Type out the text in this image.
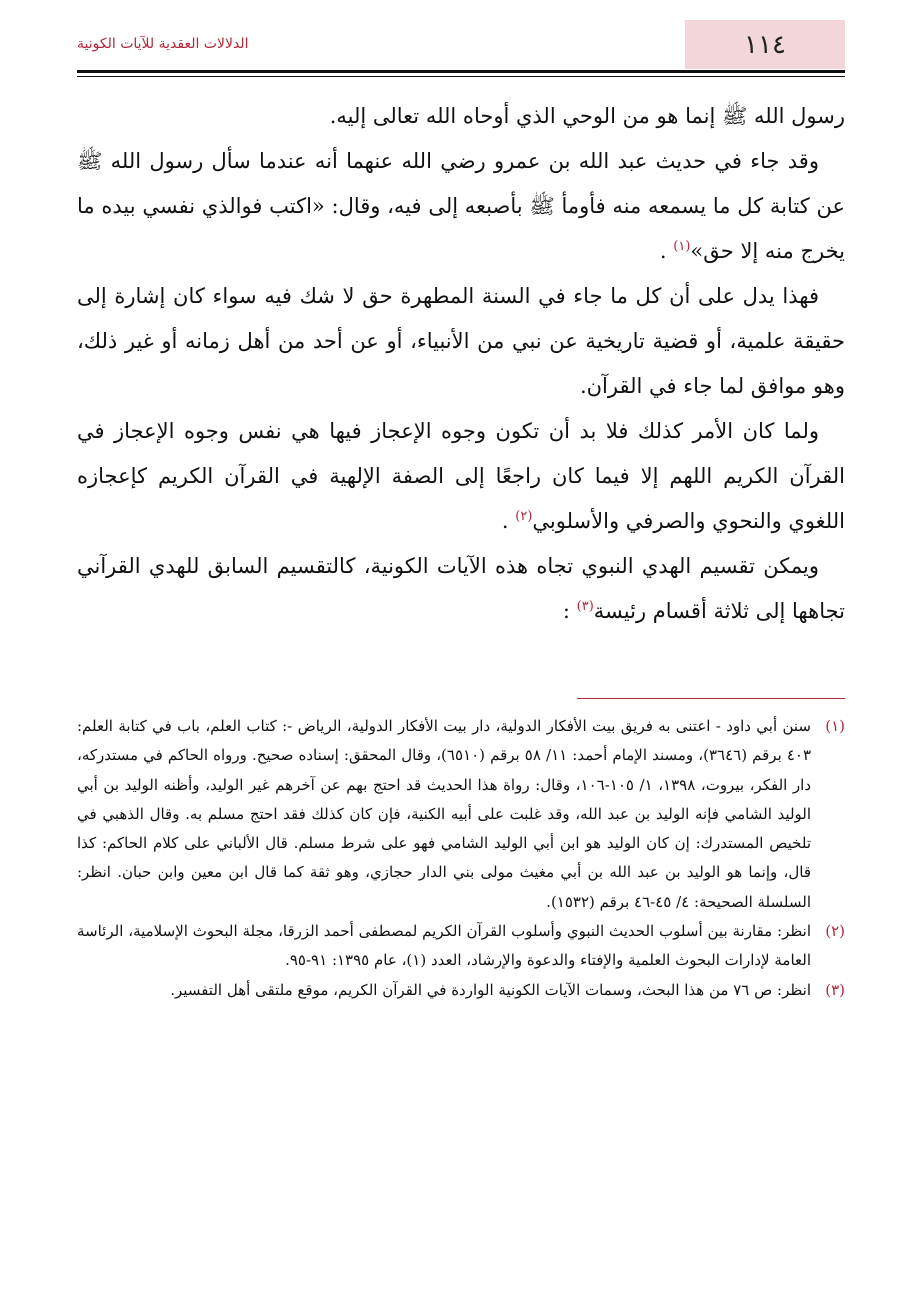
الدلالات العقدية للآيات الكونية	١١٤

رسول الله ﷺ إنما هو من الوحي الذي أوحاه الله تعالى إليه.

وقد جاء في حديث عبد الله بن عمرو رضي الله عنهما أنه عندما سأل رسول الله ﷺ عن كتابة كل ما يسمعه منه فأومأ ﷺ بأصبعه إلى فيه، وقال: «اكتب فوالذي نفسي بيده ما يخرج منه إلا حق»$^{(١)}$ .

فهذا يدل على أن كل ما جاء في السنة المطهرة حق لا شك فيه سواء كان إشارة إلى حقيقة علمية، أو قضية تاريخية عن نبي من الأنبياء، أو عن أحد من أهل زمانه أو غير ذلك، وهو موافق لما جاء في القرآن.

ولما كان الأمر كذلك فلا بد أن تكون وجوه الإعجاز فيها هي نفس وجوه الإعجاز في القرآن الكريم اللهم إلا فيما كان راجعًا إلى الصفة الإلهية في القرآن الكريم كإعجازه اللغوي والنحوي والصرفي والأسلوبي$^{(٢)}$ .

ويمكن تقسيم الهدي النبوي تجاه هذه الآيات الكونية، كالتقسيم السابق للهدي القرآني تجاهها إلى ثلاثة أقسام رئيسة$^{(٣)}$ :

(١)
سنن أبي داود - اعتنى به فريق بيت الأفكار الدولية، دار بيت الأفكار الدولية، الرياض -: كتاب العلم، باب في كتابة العلم: ٤٠٣ برقم (٣٦٤٦)، ومسند الإمام أحمد: ١١/ ٥٨ برقم (٦٥١٠)، وقال المحقق: إسناده صحيح. ورواه الحاكم في مستدركه، دار الفكر، بيروت، ١٣٩٨، ١/ ١٠٥-١٠٦، وقال: رواة هذا الحديث قد احتج بهم عن آخرهم غير الوليد، وأظنه الوليد بن أبي الوليد الشامي فإنه الوليد بن عبد الله، وقد غلبت على أبيه الكنية، فإن كان كذلك فقد احتج مسلم به. وقال الذهبي في تلخيص المستدرك: إن كان الوليد هو ابن أبي الوليد الشامي فهو على شرط مسلم. قال الألباني على كلام الحاكم: كذا قال، وإنما هو الوليد بن عبد الله بن أبي مغيث مولى بني الدار حجازي، وهو ثقة كما قال ابن معين وابن حبان. انظر: السلسلة الصحيحة: ٤/ ٤٥-٤٦ برقم (١٥٣٢).
(٢)
انظر: مقارنة بين أسلوب الحديث النبوي وأسلوب القرآن الكريم لمصطفى أحمد الزرقا، مجلة البحوث الإسلامية، الرئاسة العامة لإدارات البحوث العلمية والإفتاء والدعوة والإرشاد، العدد (١)، عام ١٣٩٥: ٩١-٩٥.
(٣)
انظر: ص ٧٦ من هذا البحث، وسمات الآيات الكونية الواردة في القرآن الكريم، موقع ملتقى أهل التفسير.
